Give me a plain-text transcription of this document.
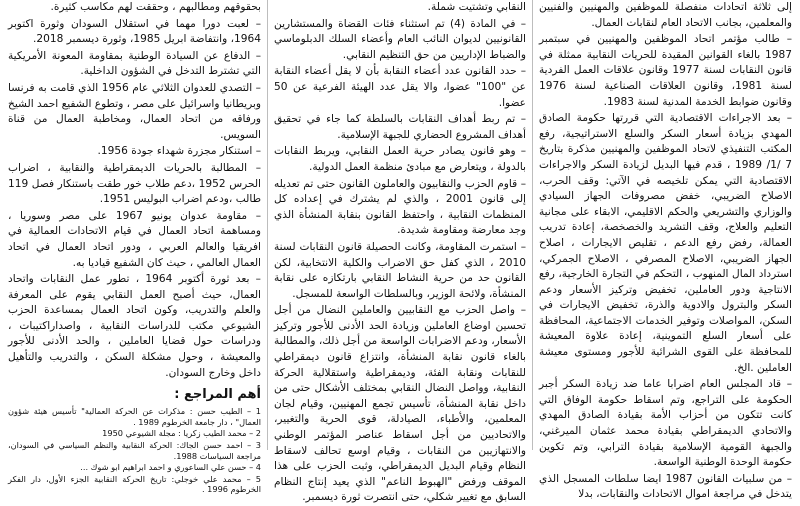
إلى ثلاثة اتحادات منفصلة للموظفين والمهنيين والفنيين والمعلمين، بجانب الاتحاد العام لنقابات العمال.

– طالب مؤتمر اتحاد الموظفين والمهنيين في سبتمبر 1987 بالغاء القوانين المقيدة للحريات النقابية ممثلة في قانون النقابات لسنة 1977 وقانون علاقات العمل الفردية لسنة 1981، وقانون العلاقات الصناعية لسنة 1976 وقانون ضوابط الخدمة المدنية لسنة 1983.

– بعد الاجراءات الاقتصادية التي قررتها حكومة الصادق المهدي بزيادة أسعار السكر والسلع الاستراتيجية، رفع المكتب التنفيذي لاتحاد الموظفين والمهنيين مذكرة بتاريخ 7 /1/ 1989 ، قدم فيها البديل لزيادة السكر والاجراءات الاقتصادية التي يمكن تلخيصه في الآتي: وقف الحرب، الاصلاح الضريبي، خفض مصروفات الجهاز السيادي والوزاري والتشريعي والحكم الاقليمي، الابقاء على مجانية التعليم والعلاج، وقف التشريد والخصخصة، إعادة تدريب العمالة، رفض رفع الدعم ، تقليص الايجارات ، اصلاح الجهاز الضريبي، الاصلاح المصرفي ، الاصلاح الجمركي، استرداد المال المنهوب ، التحكم في التجارة الخارجية، رفع الانتاجية ودور العاملين، تخفيض وتركيز الأسعار ودعم السكر والبترول والادوية والذرة، تخفيض الايجارات في السكن، المواصلات وتوفير الخدمات الاجتماعية، المحافظة على أسعار السلع التموينية، إعادة علاوة المعيشة للمحافظة على القوى الشرائية للأجور ومستوى معيشة العاملين .الخ.

– قاد المجلس العام اضرابا عاما ضد زيادة السكر أجبر الحكومة على التراجع، وتم اسقاط حكومة الوفاق التي كانت تتكون من أحزاب الأمة بقيادة الصادق المهدي والاتحادي الديمقراطي بقيادة محمد عثمان الميرغني، والجبهة القومية الإسلامية بقيادة الترابي، وتم تكوين حكومة الوحدة الوطنية الواسعة.

– من سلبيات القانون 1987 ايضا سلطات المسجل الذي يتدخل في مراجعة اموال الاتحادات والنقابات، بدلا

النقابي وتشتيت شملة.

– في المادة (4) تم استثناء فئات القضاة والمستشارين القانونيين لديوان النائب العام وأعضاء السلك الدبلوماسي والضباط الإداريين من حق التنظيم النقابي.

– حدد القانون عدد أعضاء النقابة بأن لا يقل أعضاء النقابة عن "100" عضوا، والا يقل عدد الهيئة الفرعية عن 50 عضوا.

– تم ربط أهداف النقابات بالسلطة كما جاء في تحقيق أهداف المشروع الحضاري للجبهة الإسلامية.

– وهو قانون يصادر حرية العمل النقابي، ويربط النقابات بالدولة ، ويتعارض مع مبادئ منظمة العمل الدولية.

– قاوم الحزب والنقابيون والعاملون القانون حتى تم تعديله إلى قانون 2001 ، والذي لم يشترك في إعداده كل المنظمات النقابية ، واحتفظ القانون بنقابة المنشأة الذي وجد معارضة ومقاومة شديدة.

– استمرت المقاومة، وكانت الحصيلة قانون النقابات لسنة 2010 ، الذي كفل حق الاضراب والكلية الانتخابية، لكن القانون حد من حرية النشاط النقابي بارتكازه على نقابة المنشأة، ولائحة الوزير، وبالسلطات الواسعة للمسجل.

– واصل الحزب مع النقابيين والعاملين النضال من أجل تحسين اوضاع العاملين وزيادة الحد الأدنى للأجور وتركيز الأسعار، ودعم الاضرابات الواسعة من أجل ذلك، والمطالبة بالغاء قانون نقابة المنشأة، وانتزاع قانون ديمقراطي للنقابات ونقابة الفئة، وديمقراطية واستقلالية الحركة النقابية، وواصل النضال النقابي بمختلف الأشكال حتى من داخل نقابة المنشأة، تأسيس تجمع المهنيين، وقيام لجان المعلمين، والأطباء، الصيادلة، قوى الحرية والتغيير، والاتحاديين من أجل اسقاط عناصر المؤتمر الوطني والانتهازيين من النقابات ، وقيام اوسع تحالف لاسقاط النظام وقيام البديل الديمقراطي، وثبت الحزب على هذا الموقف ورفض "الهبوط الناعم" الذي يعيد إنتاج النظام السابق مع تغيير شكلي، حتى انتصرت ثورة ديسمبر.

بحقوقهم ومطالبهم ، وحققت لهم مكاسب كثيرة.

– لعبت دورا مهما في استقلال السودان وثورة اكتوبر 1964، وانتفاضة ابريل 1985، وثورة ديسمبر 2018.

– الدفاع عن السيادة الوطنية بمقاومة المعونة الأمريكية التي تشترط التدخل في الشؤون الداخلية.

– التصدي للعدوان الثلاثي عام 1956 الذي قامت به فرنسا وبريطانيا واسرائيل على مصر ، وتطوع الشفيع احمد الشيخ ورفاقه من اتحاد العمال، ومخاطبة العمال من قناة السويس.

– استنكار مجزرة شهداء جودة 1956.

– المطالبة بالحريات الديمقراطية والنقابية ، اضراب الحرس 1952 ،دعم طلاب خور طقت باستنكار فصل 119 طالب ،ودعم اضراب البوليس 1951.

– مقاومة عدوان يونيو 1967 على مصر وسوريا ، ومساهمة اتحاد العمال في قيام الاتحادات العمالية في افريقيا والعالم العربي ، ودور اتحاد العمال في اتحاد العمال العالمي ، حيث كان الشفيع قياديا به.

– بعد ثورة أكتوبر 1964 ، تطور عمل النقابات واتحاد العمال، حيث أصبح العمل النقابي يقوم على المعرفة والعلم والتدريب، وكون اتحاد العمال بمساعدة الحزب الشيوعي مكتب للدراسات النقابية ، واصداراكتيبات ، ودراسات حول قضايا العاملين ، والحد الأدنى للأجور والمعيشة ، وحول مشكلة السكن ، والتدريب والتأهيل داخل وخارج السودان.

أهم المراجع :
1 – الطيب حسن : مذكرات عن الحركة العمالية" تأسيس هيئة شؤون العمال" ، دار جامعة الخرطوم 1989 .
2 – محمد الطيب زكريا : مجلة الشيوعي 1950
3 – احمد حسن الجاك: الحركة النقابية والنظم السياسي في السودان، مراجعة السياسات 1988.
4 – حسن علي الساعوري و احمد ابراهيم ابو شوك ...
5 – محمد علي خوجلي: تاريخ الحركة النقابية الجزء الأول، دار الفكر الخرطوم 1996 .
